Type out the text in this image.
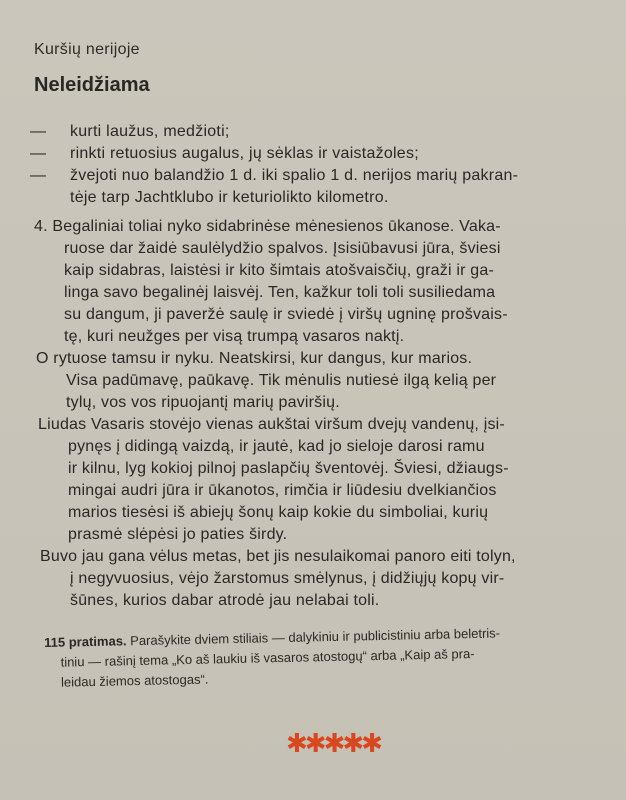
Kuršių nerijoje
Neleidžiama
—	kurti laužus, medžioti;
—	rinkti retuosius augalus, jų sėklas ir vaistažoles;
—	žvejoti nuo balandžio 1 d. iki spalio 1 d. nerijos marių pakran-
tėje tarp Jachtklubo ir keturiolikto kilometro.
4. Begaliniai toliai nyko sidabrinėse mėnesienos ūkanose. Vaka-
ruose dar žaidė saulėlydžio spalvos. Įsisiūbavusi jūra, šviesi
kaip sidabras, laistėsi ir kito šimtais atošvaisčių, graži ir ga-
linga savo begalinėj laisvėj. Ten, kažkur toli toli susiliedama
su dangum, ji paveržė saulę ir sviedė į viršų ugninę prošvais-
tę, kuri neužges per visą trumpą vasaros naktį.
O rytuose tamsu ir nyku. Neatskirsi, kur dangus, kur marios.
Visa padūmavę, paūkavę. Tik mėnulis nutiesė ilgą kelią per
tylų, vos vos ripuojantį marių paviršių.
Liudas Vasaris stovėjo vienas aukštai viršum dvejų vandenų, įsi-
pynęs į didingą vaizdą, ir jautė, kad jo sieloje darosi ramu
ir kilnu, lyg kokioj pilnoj paslapčių šventovėj. Šviesi, džiaugs-
mingai audri jūra ir ūkanotos, rimčia ir liūdesiu dvelkiančios
marios tiesėsi iš abiejų šonų kaip kokie du simboliai, kurių
prasmė slėpėsi jo paties širdy.
Buvo jau gana vėlus metas, bet jis nesulaikomai panoro eiti tolyn,
į negyvuosius, vėjo žarstomus smėlynus, į didžiųjų kopų vir-
šūnes, kurios dabar atrodė jau nelabai toli.
115 pratimas. Parašykite dviem stiliais — dalykiniu ir publicistiniu arba beletris-
tiniu — rašinį tema „Ko aš laukiu iš vasaros atostogų“ arba „Kaip aš pra-
leidau žiemos atostogas“.
✱✱✱✱✱
